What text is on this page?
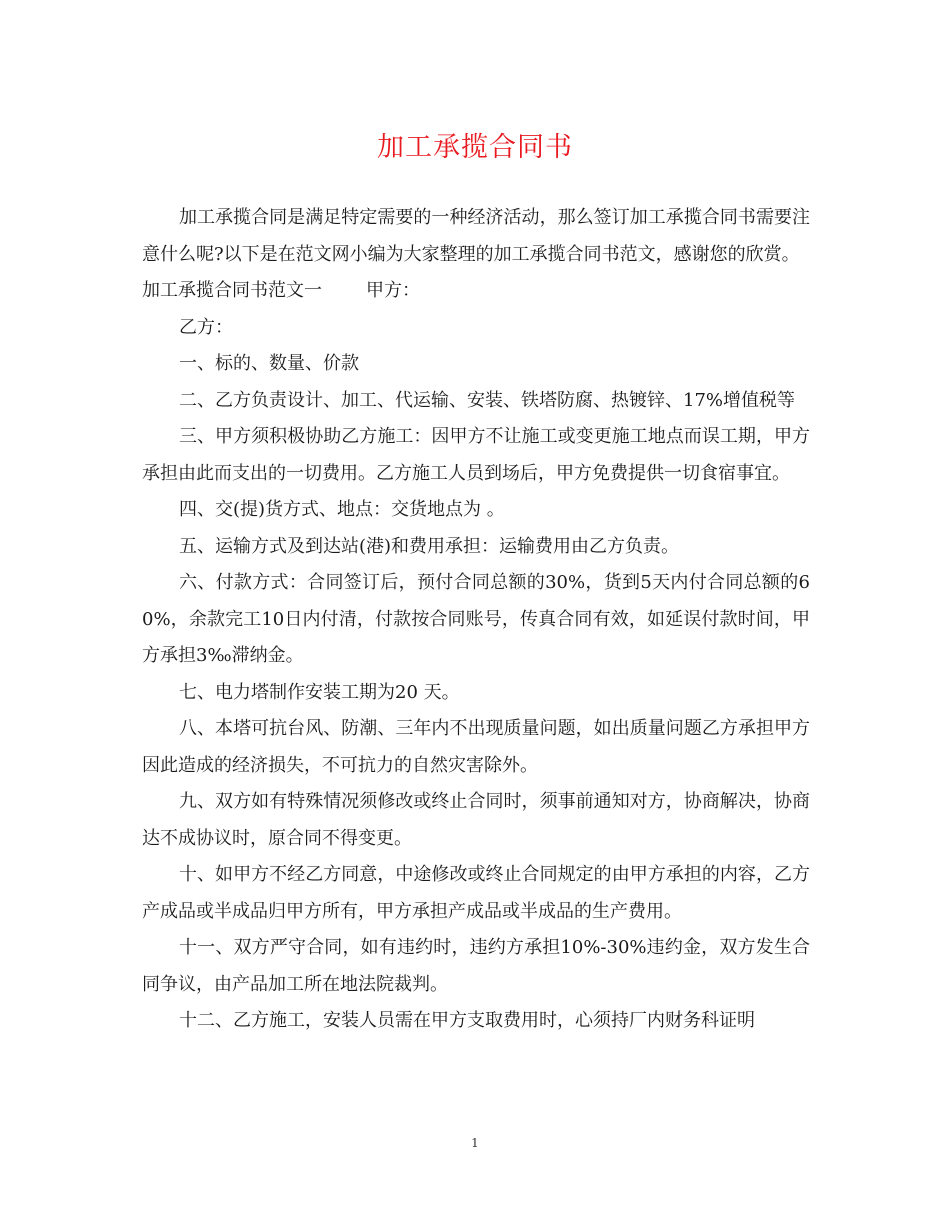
加工承揽合同书

加工承揽合同是满足特定需要的一种经济活动，那么签订加工承揽合同书需要注意什么呢?以下是在范文网小编为大家整理的加工承揽合同书范文，感谢您的欣赏。

加工承揽合同书范文一 甲方：

乙方：

一、标的、数量、价款

二、乙方负责设计、加工、代运输、安装、铁塔防腐、热镀锌、17%增值税等

三、甲方须积极协助乙方施工：因甲方不让施工或变更施工地点而误工期，甲方承担由此而支出的一切费用。乙方施工人员到场后，甲方免费提供一切食宿事宜。

四、交(提)货方式、地点：交货地点为 。

五、运输方式及到达站(港)和费用承担：运输费用由乙方负责。

六、付款方式：合同签订后，预付合同总额的30%，货到5天内付合同总额的60%，余款完工10日内付清，付款按合同账号，传真合同有效，如延误付款时间，甲方承担3‰滞纳金。

七、电力塔制作安装工期为20 天。

八、本塔可抗台风、防潮、三年内不出现质量问题，如出质量问题乙方承担甲方因此造成的经济损失，不可抗力的自然灾害除外。

九、双方如有特殊情况须修改或终止合同时，须事前通知对方，协商解决，协商达不成协议时，原合同不得变更。

十、如甲方不经乙方同意，中途修改或终止合同规定的由甲方承担的内容，乙方产成品或半成品归甲方所有，甲方承担产成品或半成品的生产费用。

十一、双方严守合同，如有违约时，违约方承担10%-30%违约金，双方发生合同争议，由产品加工所在地法院裁判。

十二、乙方施工，安装人员需在甲方支取费用时，心须持厂内财务科证明

1
